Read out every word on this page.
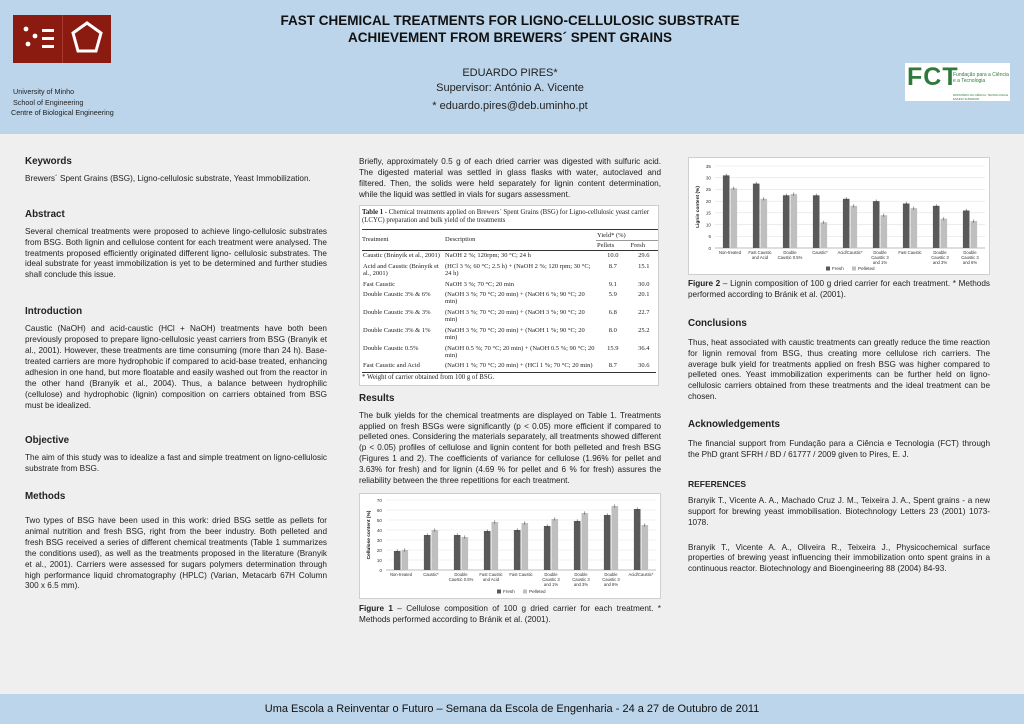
FAST CHEMICAL TREATMENTS FOR LIGNO-CELLULOSIC SUBSTRATE
ACHIEVEMENT FROM BREWERS´ SPENT GRAINS
EDUARDO PIRES*
Supervisor: António A. Vicente
* eduardo.pires@deb.uminho.pt
University of Minho
School of Engineering
Centre of Biological Engineering
FCT
Fundação para a Ciência e a Tecnologia
MINISTÉRIO DA CIÊNCIA, TECNOLOGIA E ENSINO SUPERIOR
Keywords

Brewers´ Spent Grains (BSG), Ligno-cellulosic substrate, Yeast Immobilization.

Abstract

Several chemical treatments were proposed to achieve lingo-cellulosic substrates from BSG. Both lignin and cellulose content for each treatment were analysed. The treatments proposed efficiently originated different ligno- cellulosic substrates. The ideal substrate for yeast immobilization is yet to be determined and further studies shall conclude this issue.

Introduction

Caustic (NaOH) and acid-caustic (HCl + NaOH) treatments have both been previously proposed to prepare ligno-cellulosic yeast carriers from BSG (Branyik et al., 2001). However, these treatments are time consuming (more than 24 h). Base-treated carriers are more hydrophobic if compared to acid-base treated, enhancing adhesion in one hand, but more floatable and easily washed out from the reactor in the other hand (Branyik et al., 2004). Thus, a balance between hydrophilic (cellulose) and hydrophobic (lignin) composition on carriers obtained from BSG must be idealized.

Objective

The aim of this study was to idealize a fast and simple treatment on ligno-cellulosic substrate from BSG.

Methods

Two types of BSG have been used in this work: dried BSG settle as pellets for animal nutrition and fresh BSG, right from the beer industry. Both pelleted and fresh BSG received a series of different chemical treatments (Table 1 summarizes the conditions used), as well as the treatments proposed in the literature (Branyik et al., 2001). Carriers were assessed for sugars polymers determination through high performance liquid chromatography (HPLC) (Varian, Metacarb 67H Column 300 x 6.5 mm).

Briefly, approximately 0.5 g of each dried carrier was digested with sulfuric acid. The digested material was settled in glass flasks with water, autoclaved and filtered. Then, the solids were held separately for lignin content determination, while the liquid was settled in vials for sugars assessment.

Table 1 - Chemical treatments applied on Brewers´ Spent Grains (BSG) for Ligno-cellulosic yeast carrier (LCYC) preparation and bulk yield of the treatments
Treatment	Description	Yield* (%)	
		Pellets	Fresh
Caustic (Brányik et al., 2001)	NaOH 2 %; 120rpm; 30 °C; 24 h	10.0	29.6
Acid and Caustic (Brányik et al., 2001)	(HCl 3 %; 60 °C; 2.5 h) + (NaOH 2 %; 120 rpm; 30 °C; 24 h)	8.7	15.1
Fast Caustic	NaOH 3 %; 70 °C; 20 min	9.1	30.0
Double Caustic 3% & 6%	(NaOH 3 %; 70 °C; 20 min) + (NaOH 6 %; 90 °C; 20 min)	5.9	20.1
Double Caustic 3% & 3%	(NaOH 3 %; 70 °C; 20 min) + (NaOH 3 %; 90 °C; 20 min)	6.8	22.7
Double Caustic 3% & 1%	(NaOH 3 %; 70 °C; 20 min) + (NaOH 1 %; 90 °C; 20 min)	8.0	25.2
Double Caustic 0.5%	(NaOH 0.5 %; 70 °C; 20 min) + (NaOH 0.5 %; 90 °C; 20 min)	15.9	36.4
Fast Caustic and Acid	(NaOH 1 %; 70 °C; 20 min) + (HCl 1 %; 70 °C; 20 min)	8.7	30.6
* Weight of carrier obtained from 100 g of BSG.
Results

The bulk yields for the chemical treatments are displayed on Table 1. Treatments applied on fresh BSGs were significantly (p < 0.05) more efficient if compared to pelleted ones. Considering the materials separately, all treatments showed different (p < 0.05) profiles of cellulose and lignin content for both pelleted and fresh BSG (Figures 1 and 2). The coefficients of variance for cellulose (1.96% for pellet and 3.63% for fresh) and for lignin (4.69 % for pellet and 6 % for fresh) assures the reliability between the three repetitions for each treatment.

0
10
20
30
40
50
60
70
Cellulose content (%)
Non-treated	Caustic*	Double
Caustic 0.5%
Fast Caustic
and Acid
Fast Caustic	Double
Caustic 3
and 1%
Double
Caustic 3
and 3%
Double
Caustic 3
and 6%
Acid/Caustic*
Fresh	Pelleted

Figure 1 – Cellulose composition of 100 g dried carrier for each treatment. * Methods performed according to Bránik et al. (2001).

0
5
10
15
20
25
30
35
Lignin content (%)
Non-treated Fast Caustic
and Acid
Double
Caustic 0.5%
Caustic* Acid/Caustic*	Double
Caustic 3
and 1%
Fast Caustic	Double
Caustic 3
and 3%
Double
Caustic 3
and 6%
Fresh	Pelleted

Figure 2 – Lignin composition of 100 g dried carrier for each treatment. * Methods performed according to Bránik et al. (2001).

Conclusions

Thus, heat associated with caustic treatments can greatly reduce the time reaction for lignin removal from BSG, thus creating more cellulose rich carriers. The average bulk yield for treatments applied on fresh BSG was higher compared to pelleted ones. Yeast immobilization experiments can be further held on ligno-cellulosic carriers obtained from these treatments and the ideal treatment can be chosen.

Acknowledgements

The financial support from Fundação para a Ciência e Tecnologia (FCT) through the PhD grant SFRH / BD / 61777 / 2009 given to Pires, E. J.

REFERENCES

Branyik T., Vicente A. A., Machado Cruz J. M., Teixeira J. A., Spent grains - a new support for brewing yeast immobilisation. Biotechnology Letters 23 (2001) 1073-1078.

Branyik T., Vicente A. A., Oliveira R., Teixeira J., Physicochemical surface properties of brewing yeast influencing their immobilization onto spent grains in a continuous reactor. Biotechnology and Bioengineering 88 (2004) 84-93.

Uma Escola a Reinventar o Futuro – Semana da Escola de Engenharia - 24 a 27 de Outubro de 2011
